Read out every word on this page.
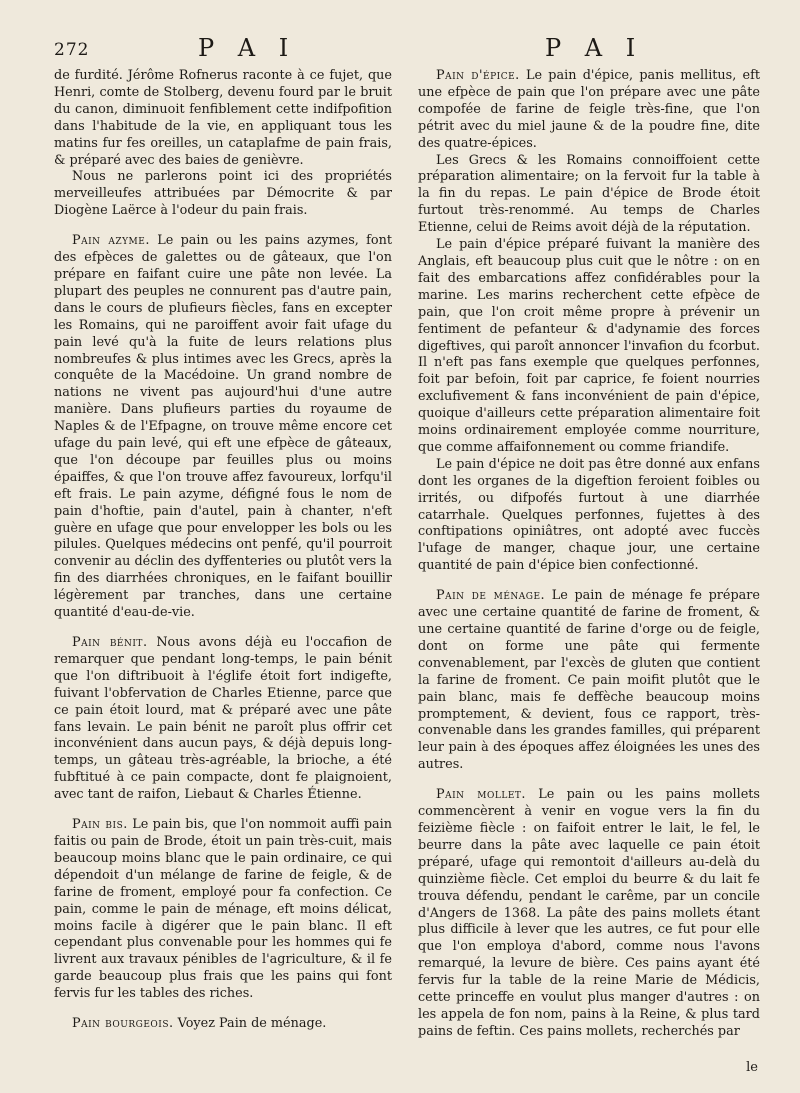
272	P A I	P A I

de furdité. Jérôme Rofnerus raconte à ce fujet, que Henri, comte de Stolberg, devenu fourd par le bruit du canon, diminuoit fenfiblement cette indifpofition dans l'habitude de la vie, en appliquant tous les matins fur fes oreilles, un cataplafme de pain frais, & préparé avec des baies de genièvre.

Nous ne parlerons point ici des propriétés merveilleufes attribuées par Démocrite & par Diogène Laërce à l'odeur du pain frais.

Pain azyme. Le pain ou les pains azymes, font des efpèces de galettes ou de gâteaux, que l'on prépare en faifant cuire une pâte non levée. La plupart des peuples ne connurent pas d'autre pain, dans le cours de plufieurs fiècles, fans en excepter les Romains, qui ne paroiffent avoir fait ufage du pain levé qu'à la fuite de leurs relations plus nombreufes & plus intimes avec les Grecs, après la conquête de la Macédoine. Un grand nombre de nations ne vivent pas aujourd'hui d'une autre manière. Dans plufieurs parties du royaume de Naples & de l'Efpagne, on trouve même encore cet ufage du pain levé, qui eft une efpèce de gâteaux, que l'on découpe par feuilles plus ou moins épaiffes, & que l'on trouve affez favoureux, lorfqu'il eft frais. Le pain azyme, défigné fous le nom de pain d'hoftie, pain d'autel, pain à chanter, n'eft guère en ufage que pour envelopper les bols ou les pilules. Quelques médecins ont penfé, qu'il pourroit convenir au déclin des dyffenteries ou plutôt vers la fin des diarrhées chroniques, en le faifant bouillir légèrement par tranches, dans une certaine quantité d'eau-de-vie.

Pain bénit. Nous avons déjà eu l'occafion de remarquer que pendant long-temps, le pain bénit que l'on diftribuoit à l'églife étoit fort indigefte, fuivant l'obfervation de Charles Etienne, parce que ce pain étoit lourd, mat & préparé avec une pâte fans levain. Le pain bénit ne paroît plus offrir cet inconvénient dans aucun pays, & déjà depuis long-temps, un gâteau très-agréable, la brioche, a été fubftitué à ce pain compacte, dont fe plaignoient, avec tant de raifon, Liebaut & Charles Étienne.

Pain bis. Le pain bis, que l'on nommoit auffi pain faitis ou pain de Brode, étoit un pain très-cuit, mais beaucoup moins blanc que le pain ordinaire, ce qui dépendoit d'un mélange de farine de feigle, & de farine de froment, employé pour fa confection. Ce pain, comme le pain de ménage, eft moins délicat, moins facile à digérer que le pain blanc. Il eft cependant plus convenable pour les hommes qui fe livrent aux travaux pénibles de l'agriculture, & il fe garde beaucoup plus frais que les pains qui font fervis fur les tables des riches.

Pain bourgeois. Voyez Pain de ménage.

Pain d'épice. Le pain d'épice, panis mellitus, eft une efpèce de pain que l'on prépare avec une pâte compofée de farine de feigle très-fine, que l'on pétrit avec du miel jaune & de la poudre fine, dite des quatre-épices.

Les Grecs & les Romains connoiffoient cette préparation alimentaire; on la fervoit fur la table à la fin du repas. Le pain d'épice de Brode étoit furtout très-renommé. Au temps de Charles Etienne, celui de Reims avoit déjà de la réputation.

Le pain d'épice préparé fuivant la manière des Anglais, eft beaucoup plus cuit que le nôtre : on en fait des embarcations affez confidérables pour la marine. Les marins recherchent cette efpèce de pain, que l'on croit même propre à prévenir un fentiment de pefanteur & d'adynamie des forces digeftives, qui paroît annoncer l'invafion du fcorbut. Il n'eft pas fans exemple que quelques perfonnes, foit par befoin, foit par caprice, fe foient nourries exclufivement & fans inconvénient de pain d'épice, quoique d'ailleurs cette préparation alimentaire foit moins ordinairement employée comme nourriture, que comme affaifonnement ou comme friandife.

Le pain d'épice ne doit pas être donné aux enfans dont les organes de la digeftion feroient foibles ou irrités, ou difpofés furtout à une diarrhée catarrhale. Quelques perfonnes, fujettes à des conftipations opiniâtres, ont adopté avec fuccès l'ufage de manger, chaque jour, une certaine quantité de pain d'épice bien confectionné.

Pain de ménage. Le pain de ménage fe prépare avec une certaine quantité de farine de froment, & une certaine quantité de farine d'orge ou de feigle, dont on forme une pâte qui fermente convenablement, par l'excès de gluten que contient la farine de froment. Ce pain moifit plutôt que le pain blanc, mais fe deffèche beaucoup moins promptement, & devient, fous ce rapport, très-convenable dans les grandes familles, qui préparent leur pain à des époques affez éloignées les unes des autres.

Pain mollet. Le pain ou les pains mollets commencèrent à venir en vogue vers la fin du feizième fiècle : on faifoit entrer le lait, le fel, le beurre dans la pâte avec laquelle ce pain étoit préparé, ufage qui remontoit d'ailleurs au-delà du quinzième fiècle. Cet emploi du beurre & du lait fe trouva défendu, pendant le carême, par un concile d'Angers de 1368. La pâte des pains mollets étant plus difficile à lever que les autres, ce fut pour elle que l'on employa d'abord, comme nous l'avons remarqué, la levure de bière. Ces pains ayant été fervis fur la table de la reine Marie de Médicis, cette princeffe en voulut plus manger d'autres : on les appela de fon nom, pains à la Reine, & plus tard pains de feftin. Ces pains mollets, recherchés par

le
